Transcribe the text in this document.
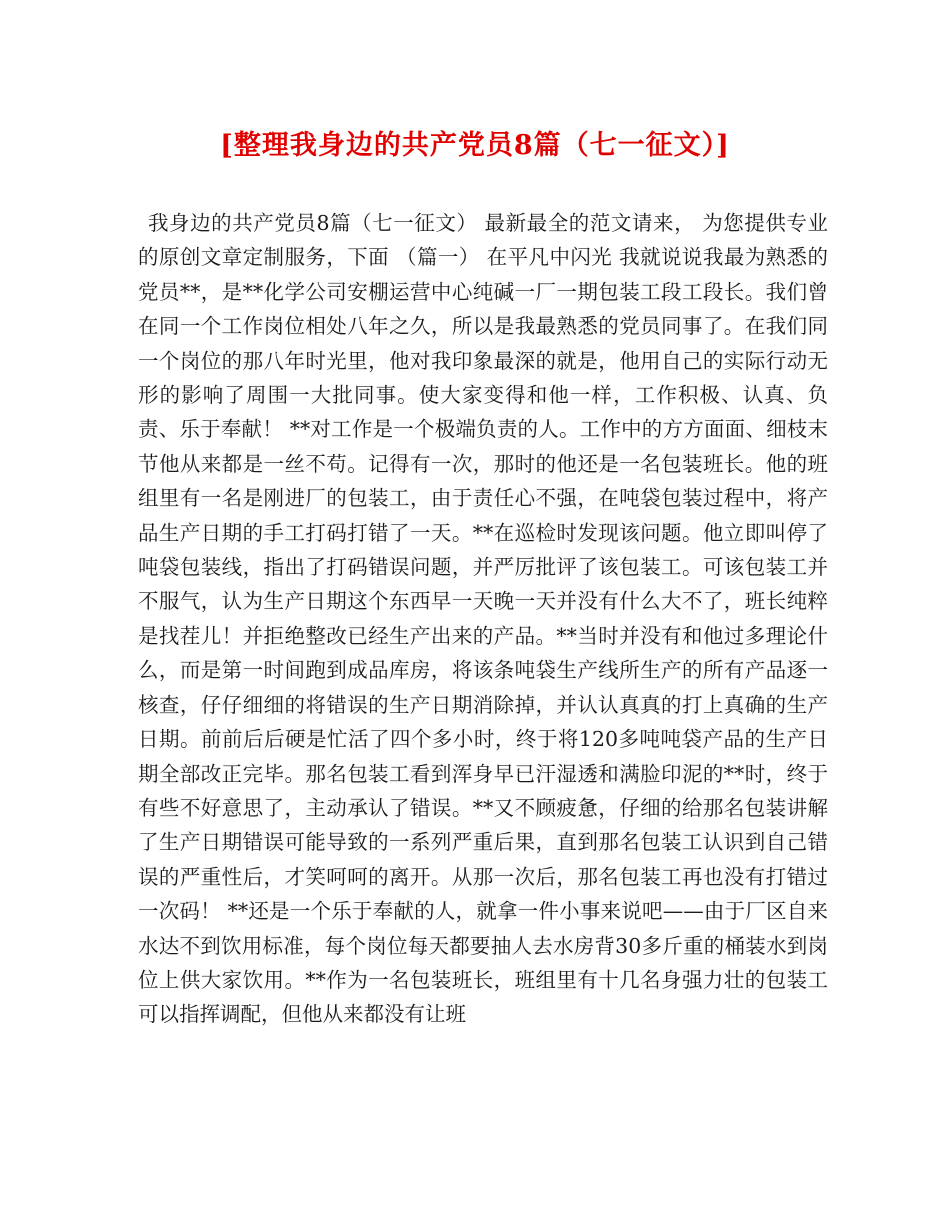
[整理我身边的共产党员8篇（七一征文）]

我身边的共产党员8篇（七一征文） 最新最全的范文请来， 为您提供专业的原创文章定制服务，下面 （篇一） 在平凡中闪光 我就说说我最为熟悉的党员**，是**化学公司安棚运营中心纯碱一厂一期包装工段工段长。我们曾在同一个工作岗位相处八年之久，所以是我最熟悉的党员同事了。在我们同一个岗位的那八年时光里，他对我印象最深的就是，他用自己的实际行动无形的影响了周围一大批同事。使大家变得和他一样，工作积极、认真、负责、乐于奉献！ **对工作是一个极端负责的人。工作中的方方面面、细枝末节他从来都是一丝不苟。记得有一次，那时的他还是一名包装班长。他的班组里有一名是刚进厂的包装工，由于责任心不强，在吨袋包装过程中，将产品生产日期的手工打码打错了一天。**在巡检时发现该问题。他立即叫停了吨袋包装线，指出了打码错误问题，并严厉批评了该包装工。可该包装工并不服气，认为生产日期这个东西早一天晚一天并没有什么大不了，班长纯粹是找茬儿！并拒绝整改已经生产出来的产品。**当时并没有和他过多理论什么，而是第一时间跑到成品库房，将该条吨袋生产线所生产的所有产品逐一核查，仔仔细细的将错误的生产日期消除掉，并认认真真的打上真确的生产日期。前前后后硬是忙活了四个多小时，终于将120多吨吨袋产品的生产日期全部改正完毕。那名包装工看到浑身早已汗湿透和满脸印泥的**时，终于有些不好意思了，主动承认了错误。**又不顾疲惫，仔细的给那名包装讲解了生产日期错误可能导致的一系列严重后果，直到那名包装工认识到自己错误的严重性后，才笑呵呵的离开。从那一次后，那名包装工再也没有打错过一次码！ **还是一个乐于奉献的人，就拿一件小事来说吧——由于厂区自来水达不到饮用标准，每个岗位每天都要抽人去水房背30多斤重的桶装水到岗位上供大家饮用。**作为一名包装班长，班组里有十几名身强力壮的包装工可以指挥调配，但他从来都没有让班
